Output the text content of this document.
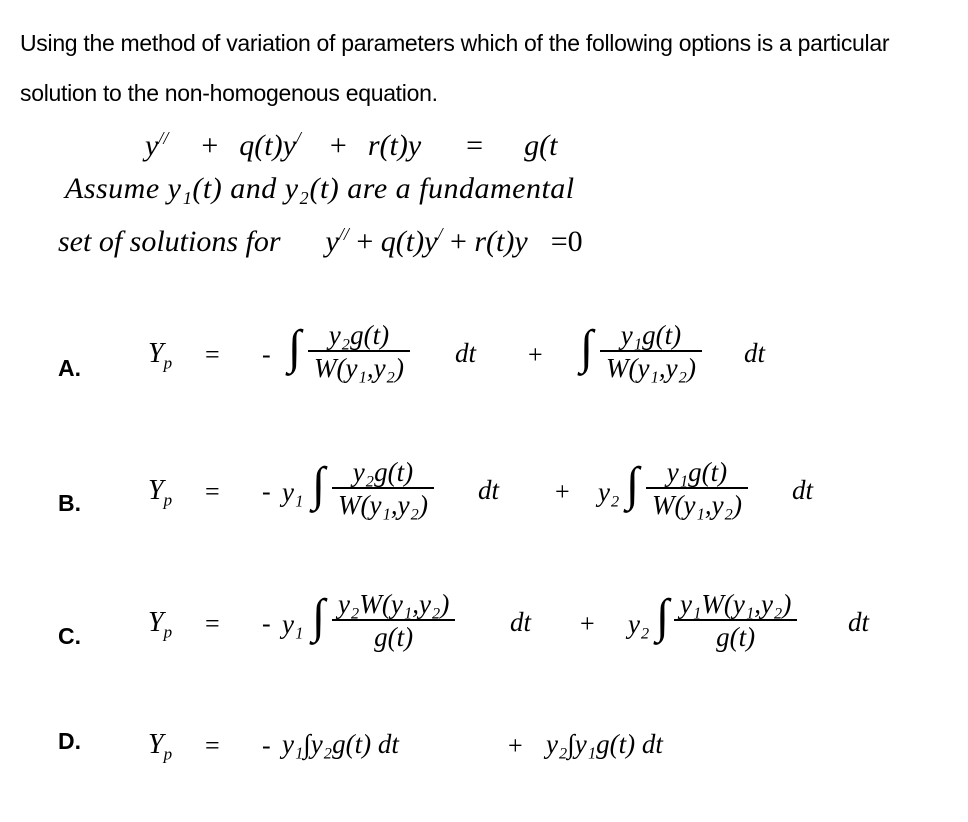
Using the method of variation of parameters which of the following options is a particular solution to the non-homogenous equation.
y// + q(t)y/ + r(t)y = g(t
Assume y₁(t) and y₂(t) are a fundamental
set of solutions for y// + q(t)y/ + r(t)y =0
A. $Y_p$ = - ∫ y₂g(t)
W(y₁,y₂) dt + ∫ y₁g(t)
W(y₁,y₂) dt
B. $Y_p$ = - y₁ ∫ y₂g(t)
W(y₁,y₂) dt + y₂ ∫ y₁g(t)
W(y₁,y₂) dt
C. $Y_p$ = - y₁ ∫ y₂W(y₁,y₂)
g(t)	dt + y₂ ∫ y₁W(y₁,y₂)
g(t)	dt
D. $Y_p$ = - y₁∫y₂g(t) dt	+ y₂∫y₁g(t) dt
